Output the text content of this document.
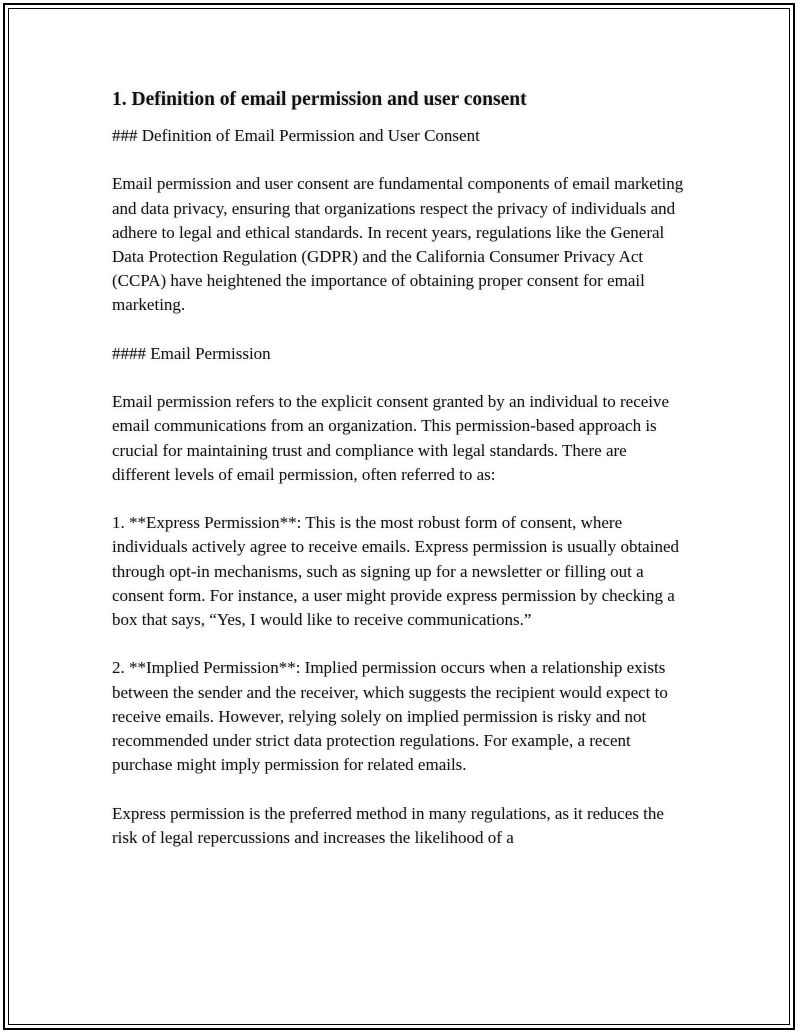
1. Definition of email permission and user consent

### Definition of Email Permission and User Consent

Email permission and user consent are fundamental components of email marketing and data privacy, ensuring that organizations respect the privacy of individuals and adhere to legal and ethical standards. In recent years, regulations like the General Data Protection Regulation (GDPR) and the California Consumer Privacy Act (CCPA) have heightened the importance of obtaining proper consent for email marketing.

#### Email Permission

Email permission refers to the explicit consent granted by an individual to receive email communications from an organization. This permission-based approach is crucial for maintaining trust and compliance with legal standards. There are different levels of email permission, often referred to as:

1. **Express Permission**: This is the most robust form of consent, where individuals actively agree to receive emails. Express permission is usually obtained through opt-in mechanisms, such as signing up for a newsletter or filling out a consent form. For instance, a user might provide express permission by checking a box that says, “Yes, I would like to receive communications.”

2. **Implied Permission**: Implied permission occurs when a relationship exists between the sender and the receiver, which suggests the recipient would expect to receive emails. However, relying solely on implied permission is risky and not recommended under strict data protection regulations. For example, a recent purchase might imply permission for related emails.

Express permission is the preferred method in many regulations, as it reduces the risk of legal repercussions and increases the likelihood of a
